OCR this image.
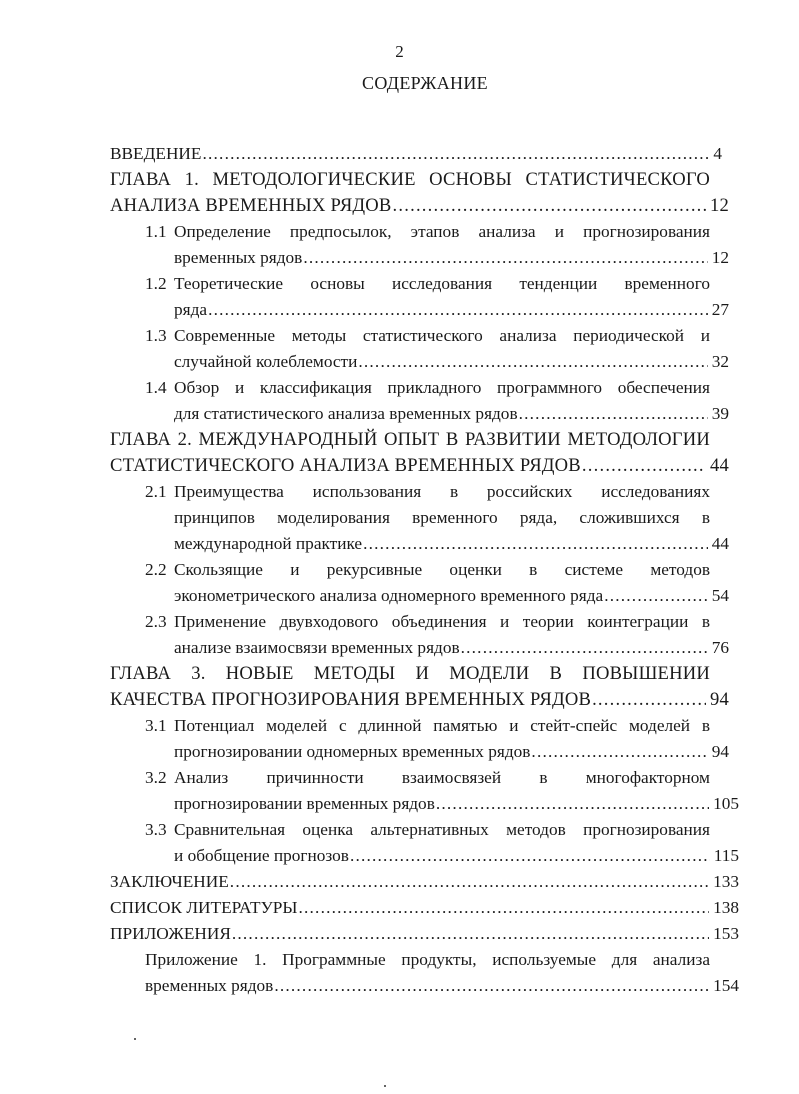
2
СОДЕРЖАНИЕ
ВВЕДЕНИЕ .....	4
ГЛАВА 1. МЕТОДОЛОГИЧЕСКИЕ ОСНОВЫ СТАТИСТИЧЕСКОГО
АНАЛИЗА ВРЕМЕННЫХ РЯДОВ .....	12
1.1 Определение предпосылок, этапов анализа и прогнозирования
временных рядов .....	12
1.2 Теоретические основы исследования тенденции временного
ряда .....	27
1.3 Современные методы статистического анализа периодической и
случайной колеблемости .....	32
1.4 Обзор и классификация прикладного программного обеспечения
для статистического анализа временных рядов .....	39
ГЛАВА 2. МЕЖДУНАРОДНЫЙ ОПЫТ В РАЗВИТИИ МЕТОДОЛОГИИ
СТАТИСТИЧЕСКОГО АНАЛИЗА ВРЕМЕННЫХ РЯДОВ .....	44
2.1 Преимущества использования в российских исследованиях
принципов моделирования временного ряда, сложившихся в
международной практике .....	44
2.2 Скользящие и рекурсивные оценки в системе методов
эконометрического анализа одномерного временного ряда .....	54
2.3 Применение двувходового объединения и теории коинтеграции в
анализе взаимосвязи временных рядов .....	76
ГЛАВА 3. НОВЫЕ МЕТОДЫ И МОДЕЛИ В ПОВЫШЕНИИ
КАЧЕСТВА ПРОГНОЗИРОВАНИЯ ВРЕМЕННЫХ РЯДОВ .....	94
3.1 Потенциал моделей с длинной памятью и стейт-спейс моделей в
прогнозировании одномерных временных рядов .....	94
3.2 Анализ причинности взаимосвязей в многофакторном
прогнозировании временных рядов .....	105
3.3 Сравнительная оценка альтернативных методов прогнозирования
и обобщение прогнозов .....	115
ЗАКЛЮЧЕНИЕ .....	133
СПИСОК ЛИТЕРАТУРЫ .....	138
ПРИЛОЖЕНИЯ .....	153
Приложение 1. Программные продукты, используемые для анализа
временных рядов .....	154
